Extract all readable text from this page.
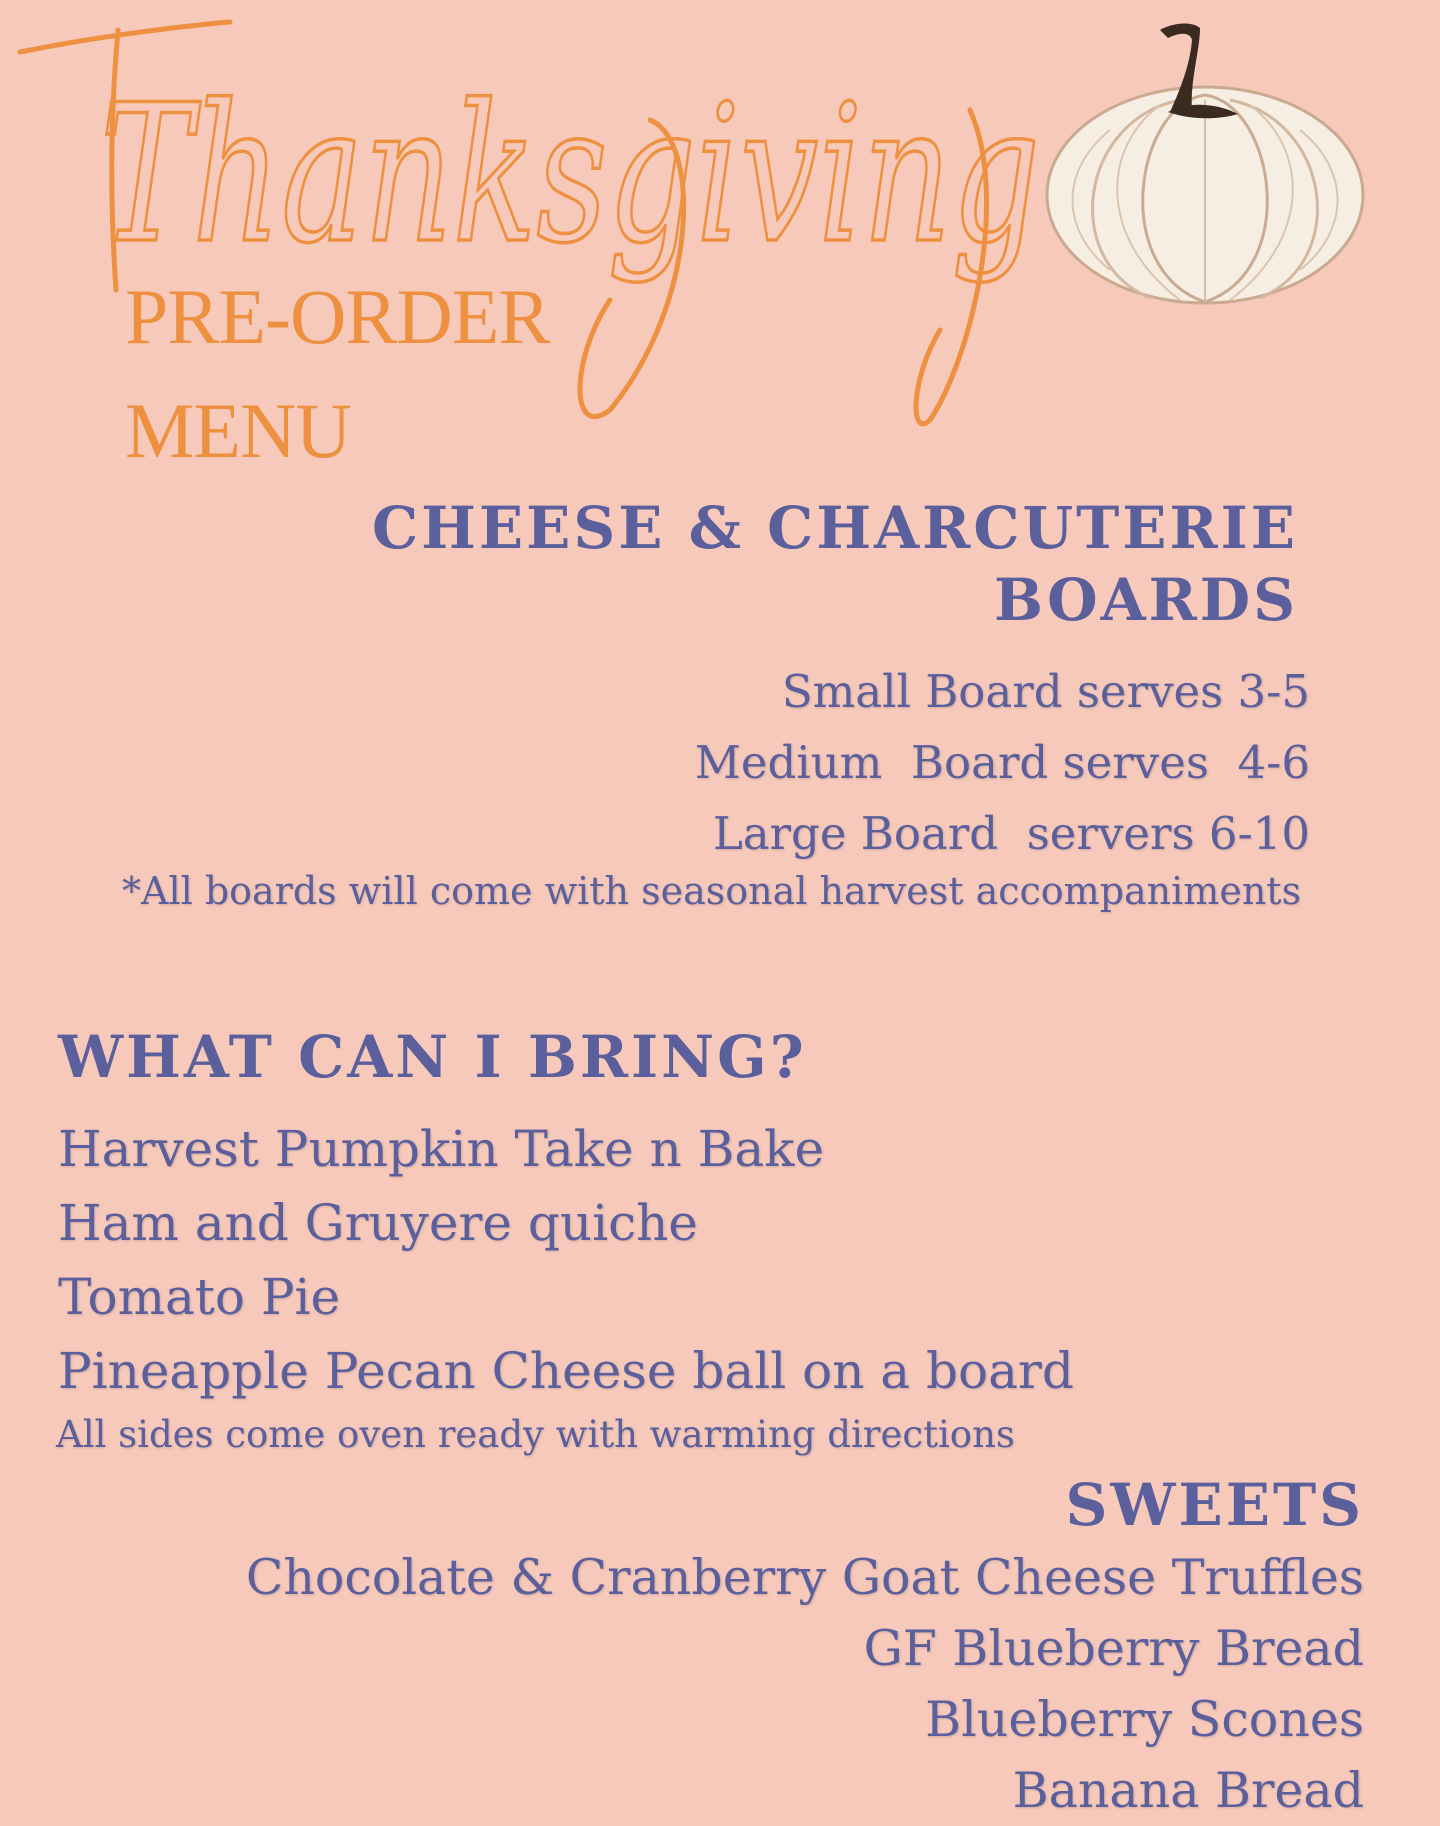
Thanksgiving
PRE-ORDER
MENU
CHEESE & CHARCUTERIE
BOARDS
Small Board serves 3-5
Medium  Board serves  4-6
Large Board  servers 6-10

*All boards will come with seasonal harvest accompaniments

WHAT CAN I BRING?
Harvest Pumpkin Take n Bake
Ham and Gruyere quiche
Tomato Pie
Pineapple Pecan Cheese ball on a board

All sides come oven ready with warming directions

SWEETS
Chocolate & Cranberry Goat Cheese Truffles
GF Blueberry Bread
Blueberry Scones
Banana Bread
